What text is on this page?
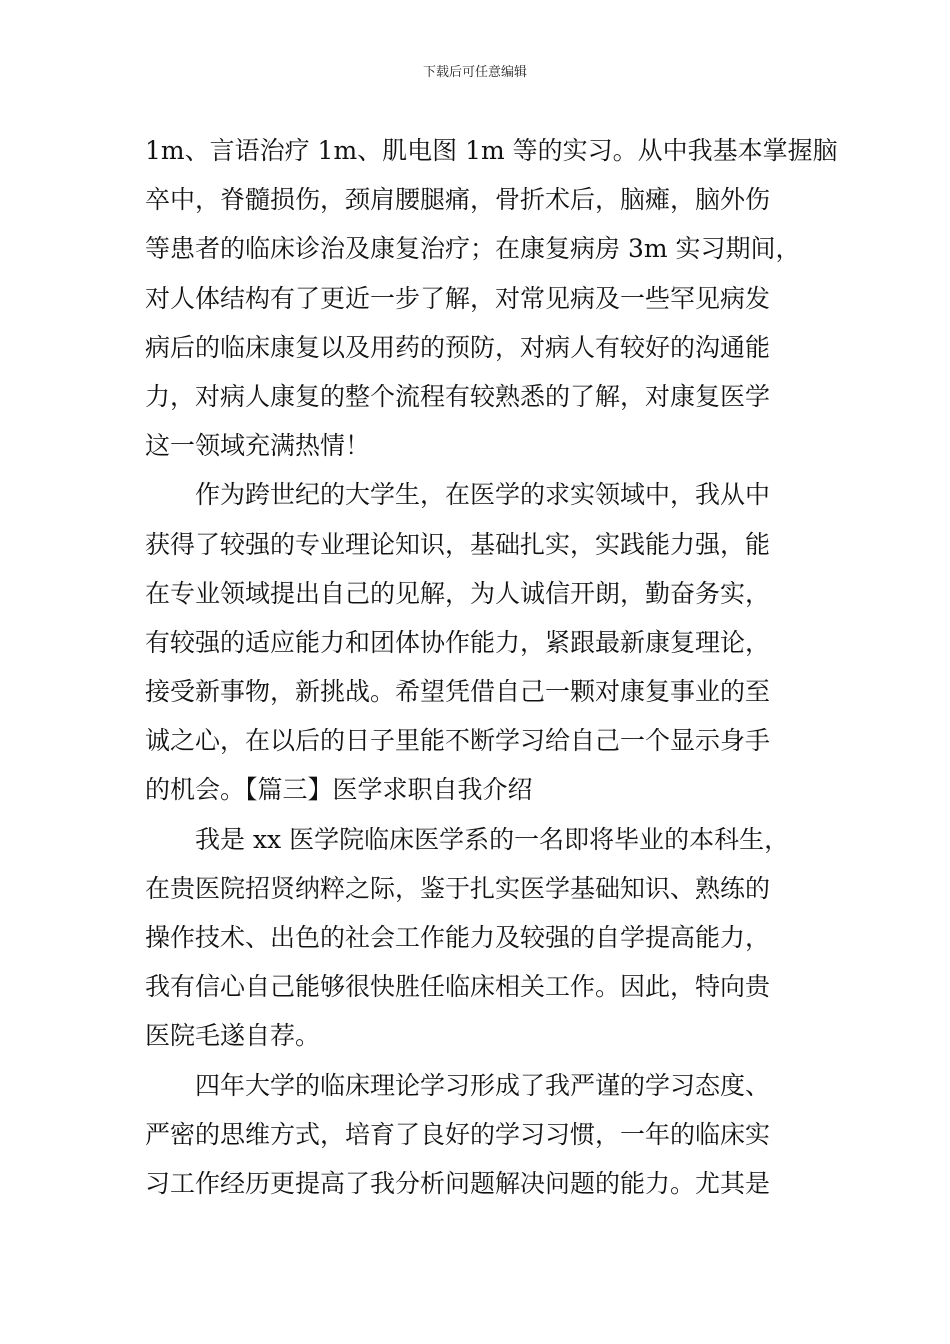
下载后可任意编辑
1m、言语治疗 1m、肌电图 1m 等的实习。从中我基本掌握脑
卒中，脊髓损伤，颈肩腰腿痛，骨折术后，脑瘫，脑外伤
等患者的临床诊治及康复治疗；在康复病房 3m 实习期间，
对人体结构有了更近一步了解，对常见病及一些罕见病发
病后的临床康复以及用药的预防，对病人有较好的沟通能
力，对病人康复的整个流程有较熟悉的了解，对康复医学
这一领域充满热情！
作为跨世纪的大学生，在医学的求实领域中，我从中
获得了较强的专业理论知识，基础扎实，实践能力强，能
在专业领域提出自己的见解，为人诚信开朗，勤奋务实，
有较强的适应能力和团体协作能力，紧跟最新康复理论，
接受新事物，新挑战。希望凭借自己一颗对康复事业的至
诚之心，在以后的日子里能不断学习给自己一个显示身手
的机会。【篇三】医学求职自我介绍
我是 xx 医学院临床医学系的一名即将毕业的本科生，
在贵医院招贤纳粹之际，鉴于扎实医学基础知识、熟练的
操作技术、出色的社会工作能力及较强的自学提高能力，
我有信心自己能够很快胜任临床相关工作。因此，特向贵
医院毛遂自荐。
四年大学的临床理论学习形成了我严谨的学习态度、
严密的思维方式，培育了良好的学习习惯，一年的临床实
习工作经历更提高了我分析问题解决问题的能力。尤其是
